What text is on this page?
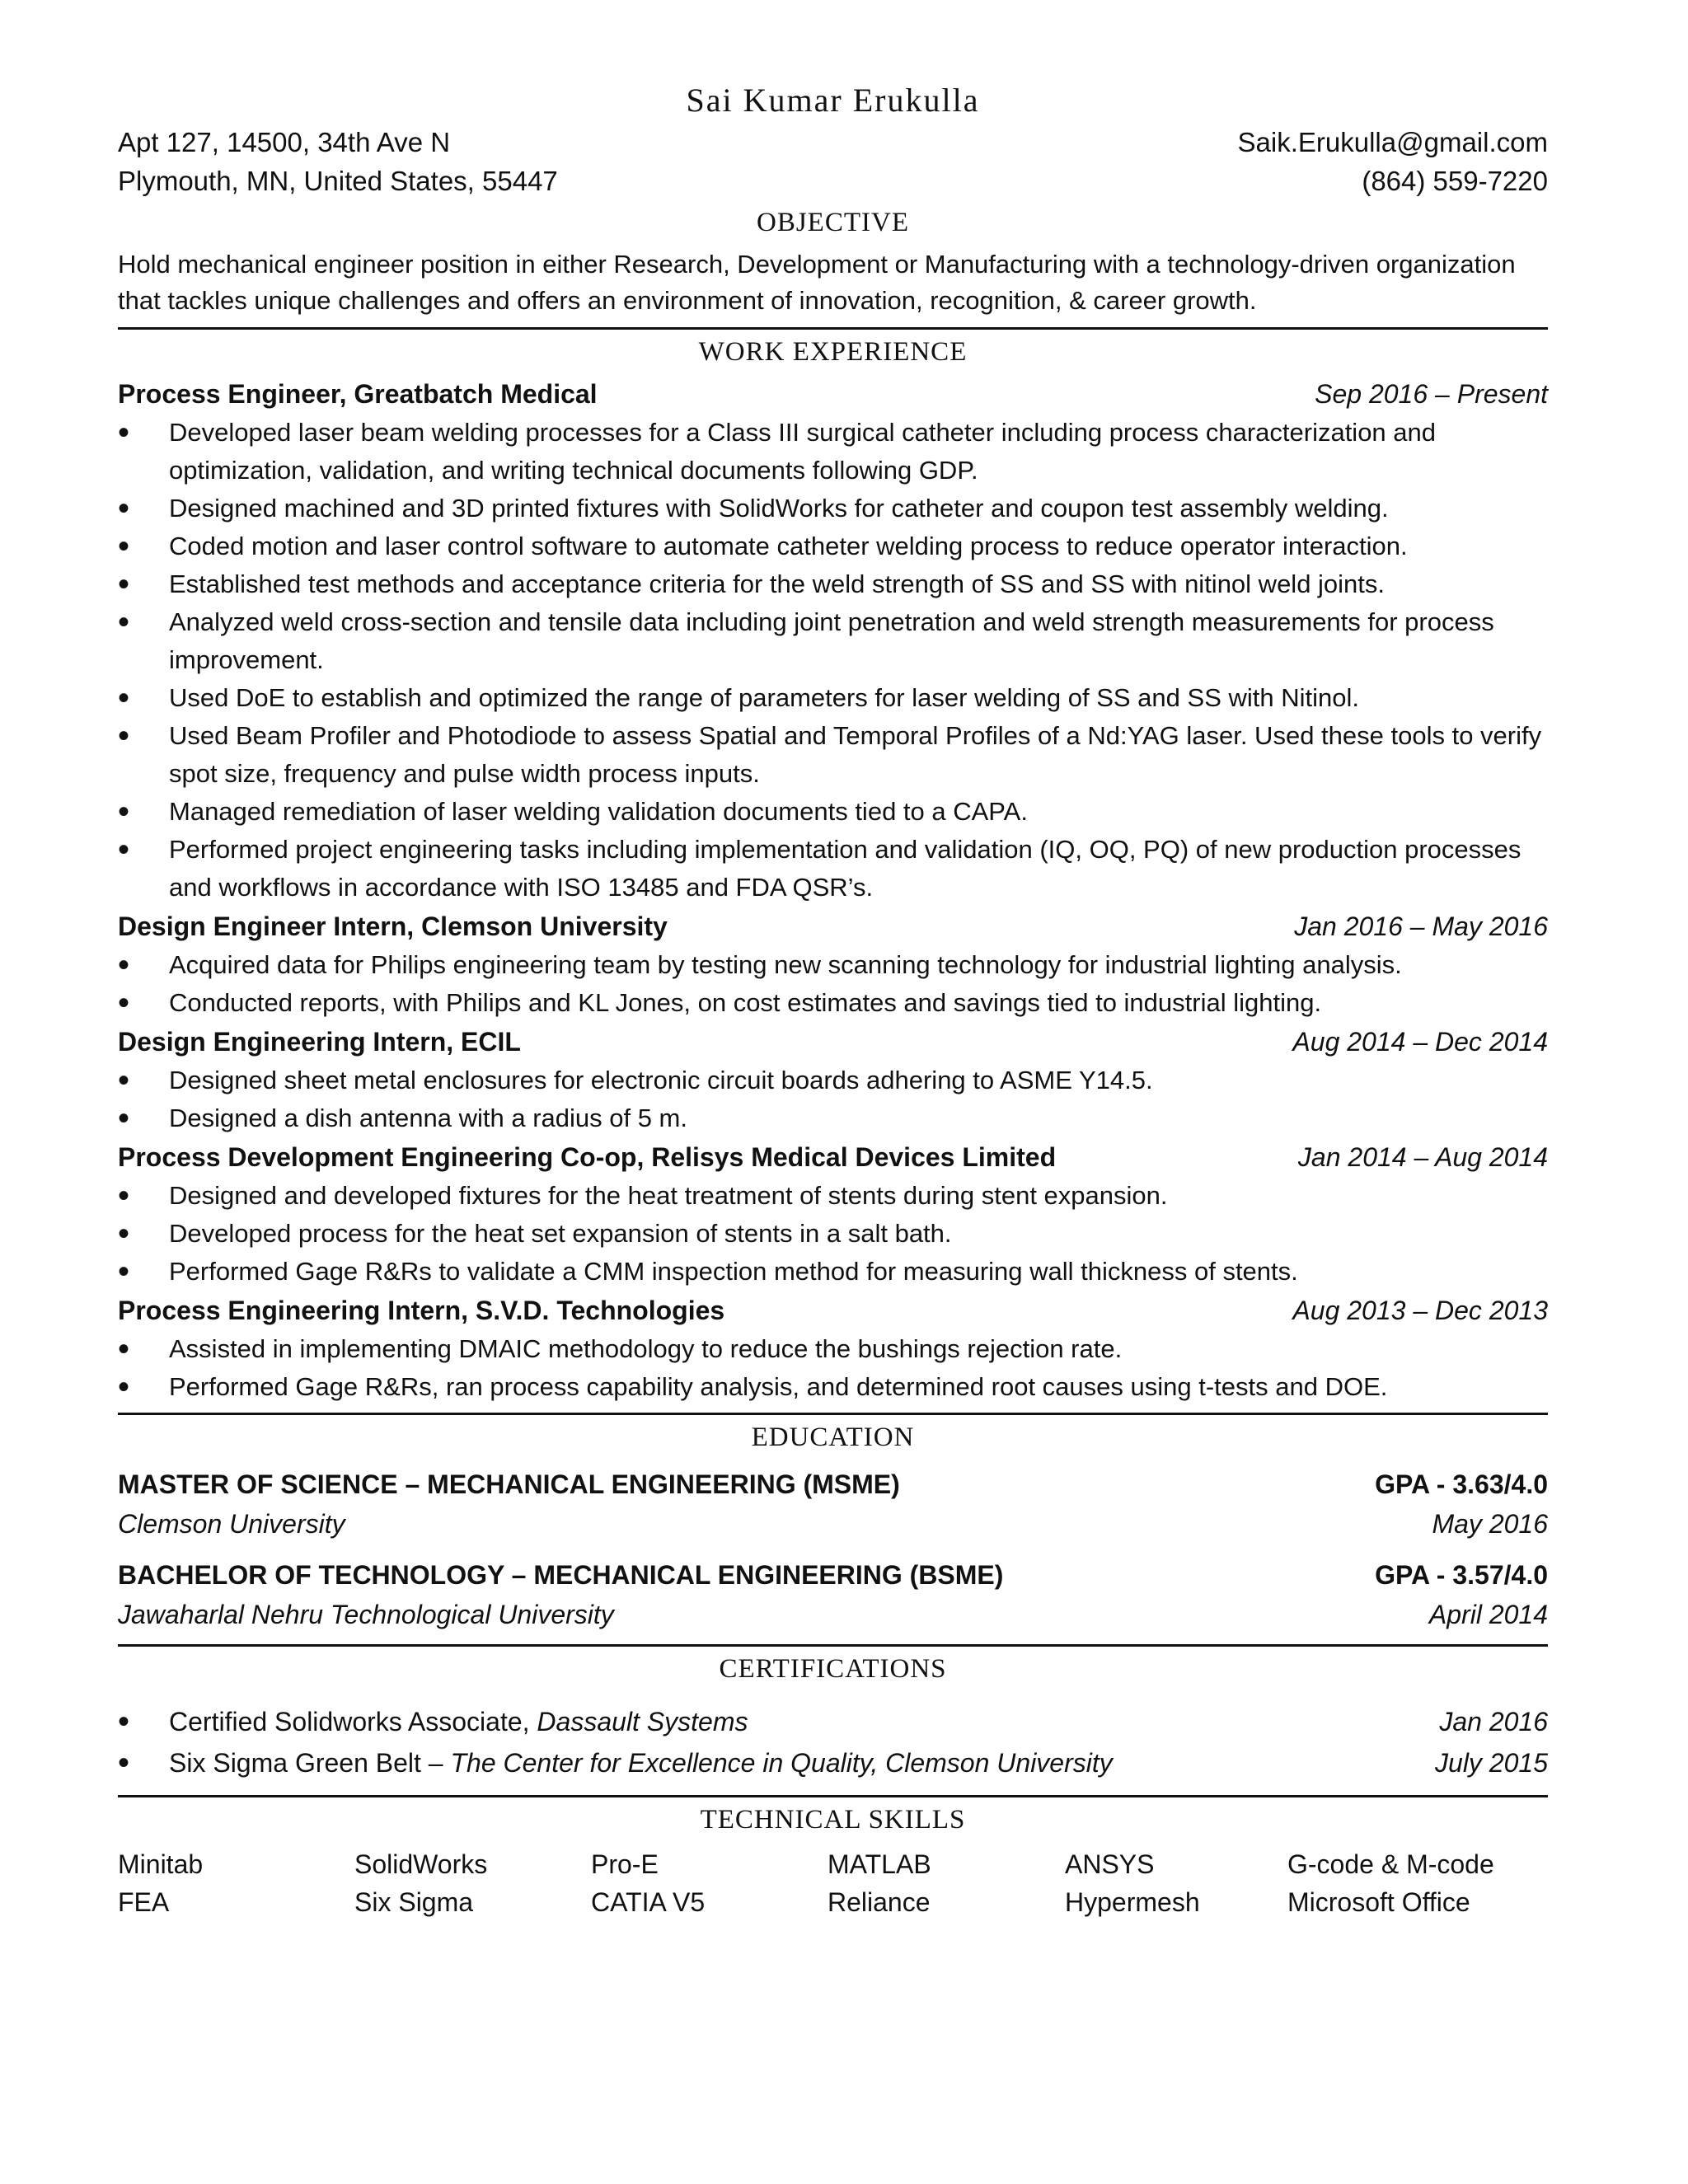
Sai Kumar Erukulla
Apt 127, 14500, 34th Ave N	Saik.Erukulla@gmail.com
Plymouth, MN, United States, 55447	(864) 559-7220
OBJECTIVE
Hold mechanical engineer position in either Research, Development or Manufacturing with a technology-driven organization that tackles unique challenges and offers an environment of innovation, recognition, & career growth.
WORK EXPERIENCE
Process Engineer, Greatbatch Medical	Sep 2016 – Present
• Developed laser beam welding processes for a Class III surgical catheter including process characterization and optimization, validation, and writing technical documents following GDP.
• Designed machined and 3D printed fixtures with SolidWorks for catheter and coupon test assembly welding.
• Coded motion and laser control software to automate catheter welding process to reduce operator interaction.
• Established test methods and acceptance criteria for the weld strength of SS and SS with nitinol weld joints.
• Analyzed weld cross-section and tensile data including joint penetration and weld strength measurements for process improvement.
• Used DoE to establish and optimized the range of parameters for laser welding of SS and SS with Nitinol.
• Used Beam Profiler and Photodiode to assess Spatial and Temporal Profiles of a Nd:YAG laser. Used these tools to verify spot size, frequency and pulse width process inputs.
• Managed remediation of laser welding validation documents tied to a CAPA.
• Performed project engineering tasks including implementation and validation (IQ, OQ, PQ) of new production processes and workflows in accordance with ISO 13485 and FDA QSR’s.
Design Engineer Intern, Clemson University	Jan 2016 – May 2016
• Acquired data for Philips engineering team by testing new scanning technology for industrial lighting analysis.
• Conducted reports, with Philips and KL Jones, on cost estimates and savings tied to industrial lighting.
Design Engineering Intern, ECIL	Aug 2014 – Dec 2014
• Designed sheet metal enclosures for electronic circuit boards adhering to ASME Y14.5.
• Designed a dish antenna with a radius of 5 m.
Process Development Engineering Co-op, Relisys Medical Devices Limited	Jan 2014 – Aug 2014
• Designed and developed fixtures for the heat treatment of stents during stent expansion.
• Developed process for the heat set expansion of stents in a salt bath.
• Performed Gage R&Rs to validate a CMM inspection method for measuring wall thickness of stents.
Process Engineering Intern, S.V.D. Technologies	Aug 2013 – Dec 2013
• Assisted in implementing DMAIC methodology to reduce the bushings rejection rate.
• Performed Gage R&Rs, ran process capability analysis, and determined root causes using t-tests and DOE.
EDUCATION
MASTER OF SCIENCE – MECHANICAL ENGINEERING (MSME)	GPA - 3.63/4.0
Clemson University	May 2016
BACHELOR OF TECHNOLOGY – MECHANICAL ENGINEERING (BSME)	GPA - 3.57/4.0
Jawaharlal Nehru Technological University	April 2014
CERTIFICATIONS
• Certified Solidworks Associate, Dassault Systems	Jan 2016
• Six Sigma Green Belt – The Center for Excellence in Quality, Clemson University	July 2015
TECHNICAL SKILLS
Minitab	SolidWorks	Pro-E	MATLAB	ANSYS	G-code & M-code
FEA	Six Sigma	CATIA V5	Reliance	Hypermesh	Microsoft Office
